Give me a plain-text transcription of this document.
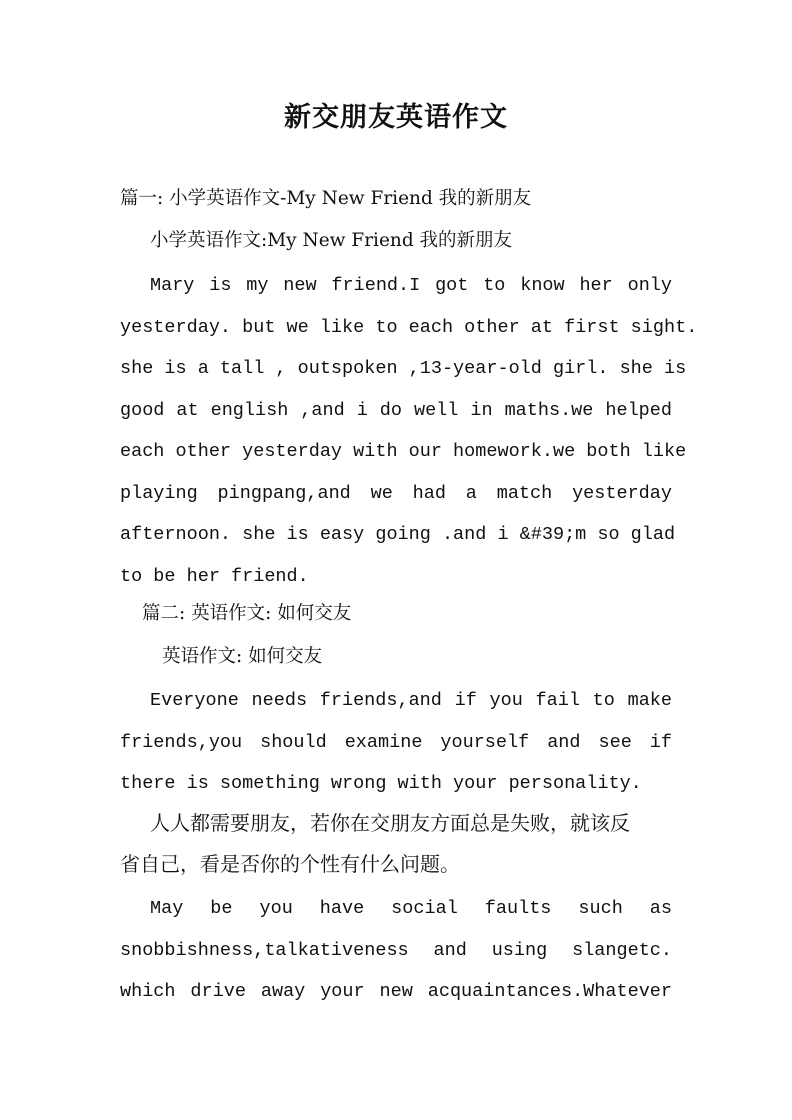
新交朋友英语作文
篇一: 小学英语作文-My New Friend 我的新朋友
小学英语作文:My New Friend 我的新朋友
Mary is my new friend.I got to know her only
yesterday. but we like to each other at first sight.
she is a tall , outspoken ,13-year-old girl. she is
good at english ,and i do well in maths.we helped
each other yesterday with our homework.we both like
playing pingpang,and we had a match yesterday
afternoon. she is easy going .and i &#39;m so glad
to be her friend.
篇二: 英语作文: 如何交友
英语作文: 如何交友
Everyone needs friends,and if you fail to make
friends,you should examine yourself and see if
there is something wrong with your personality.
人人都需要朋友，若你在交朋友方面总是失败，就该反
省自己，看是否你的个性有什么问题。
May be you have social faults such as
snobbishness,talkativeness and using slangetc.
which drive away your new acquaintances.Whatever
